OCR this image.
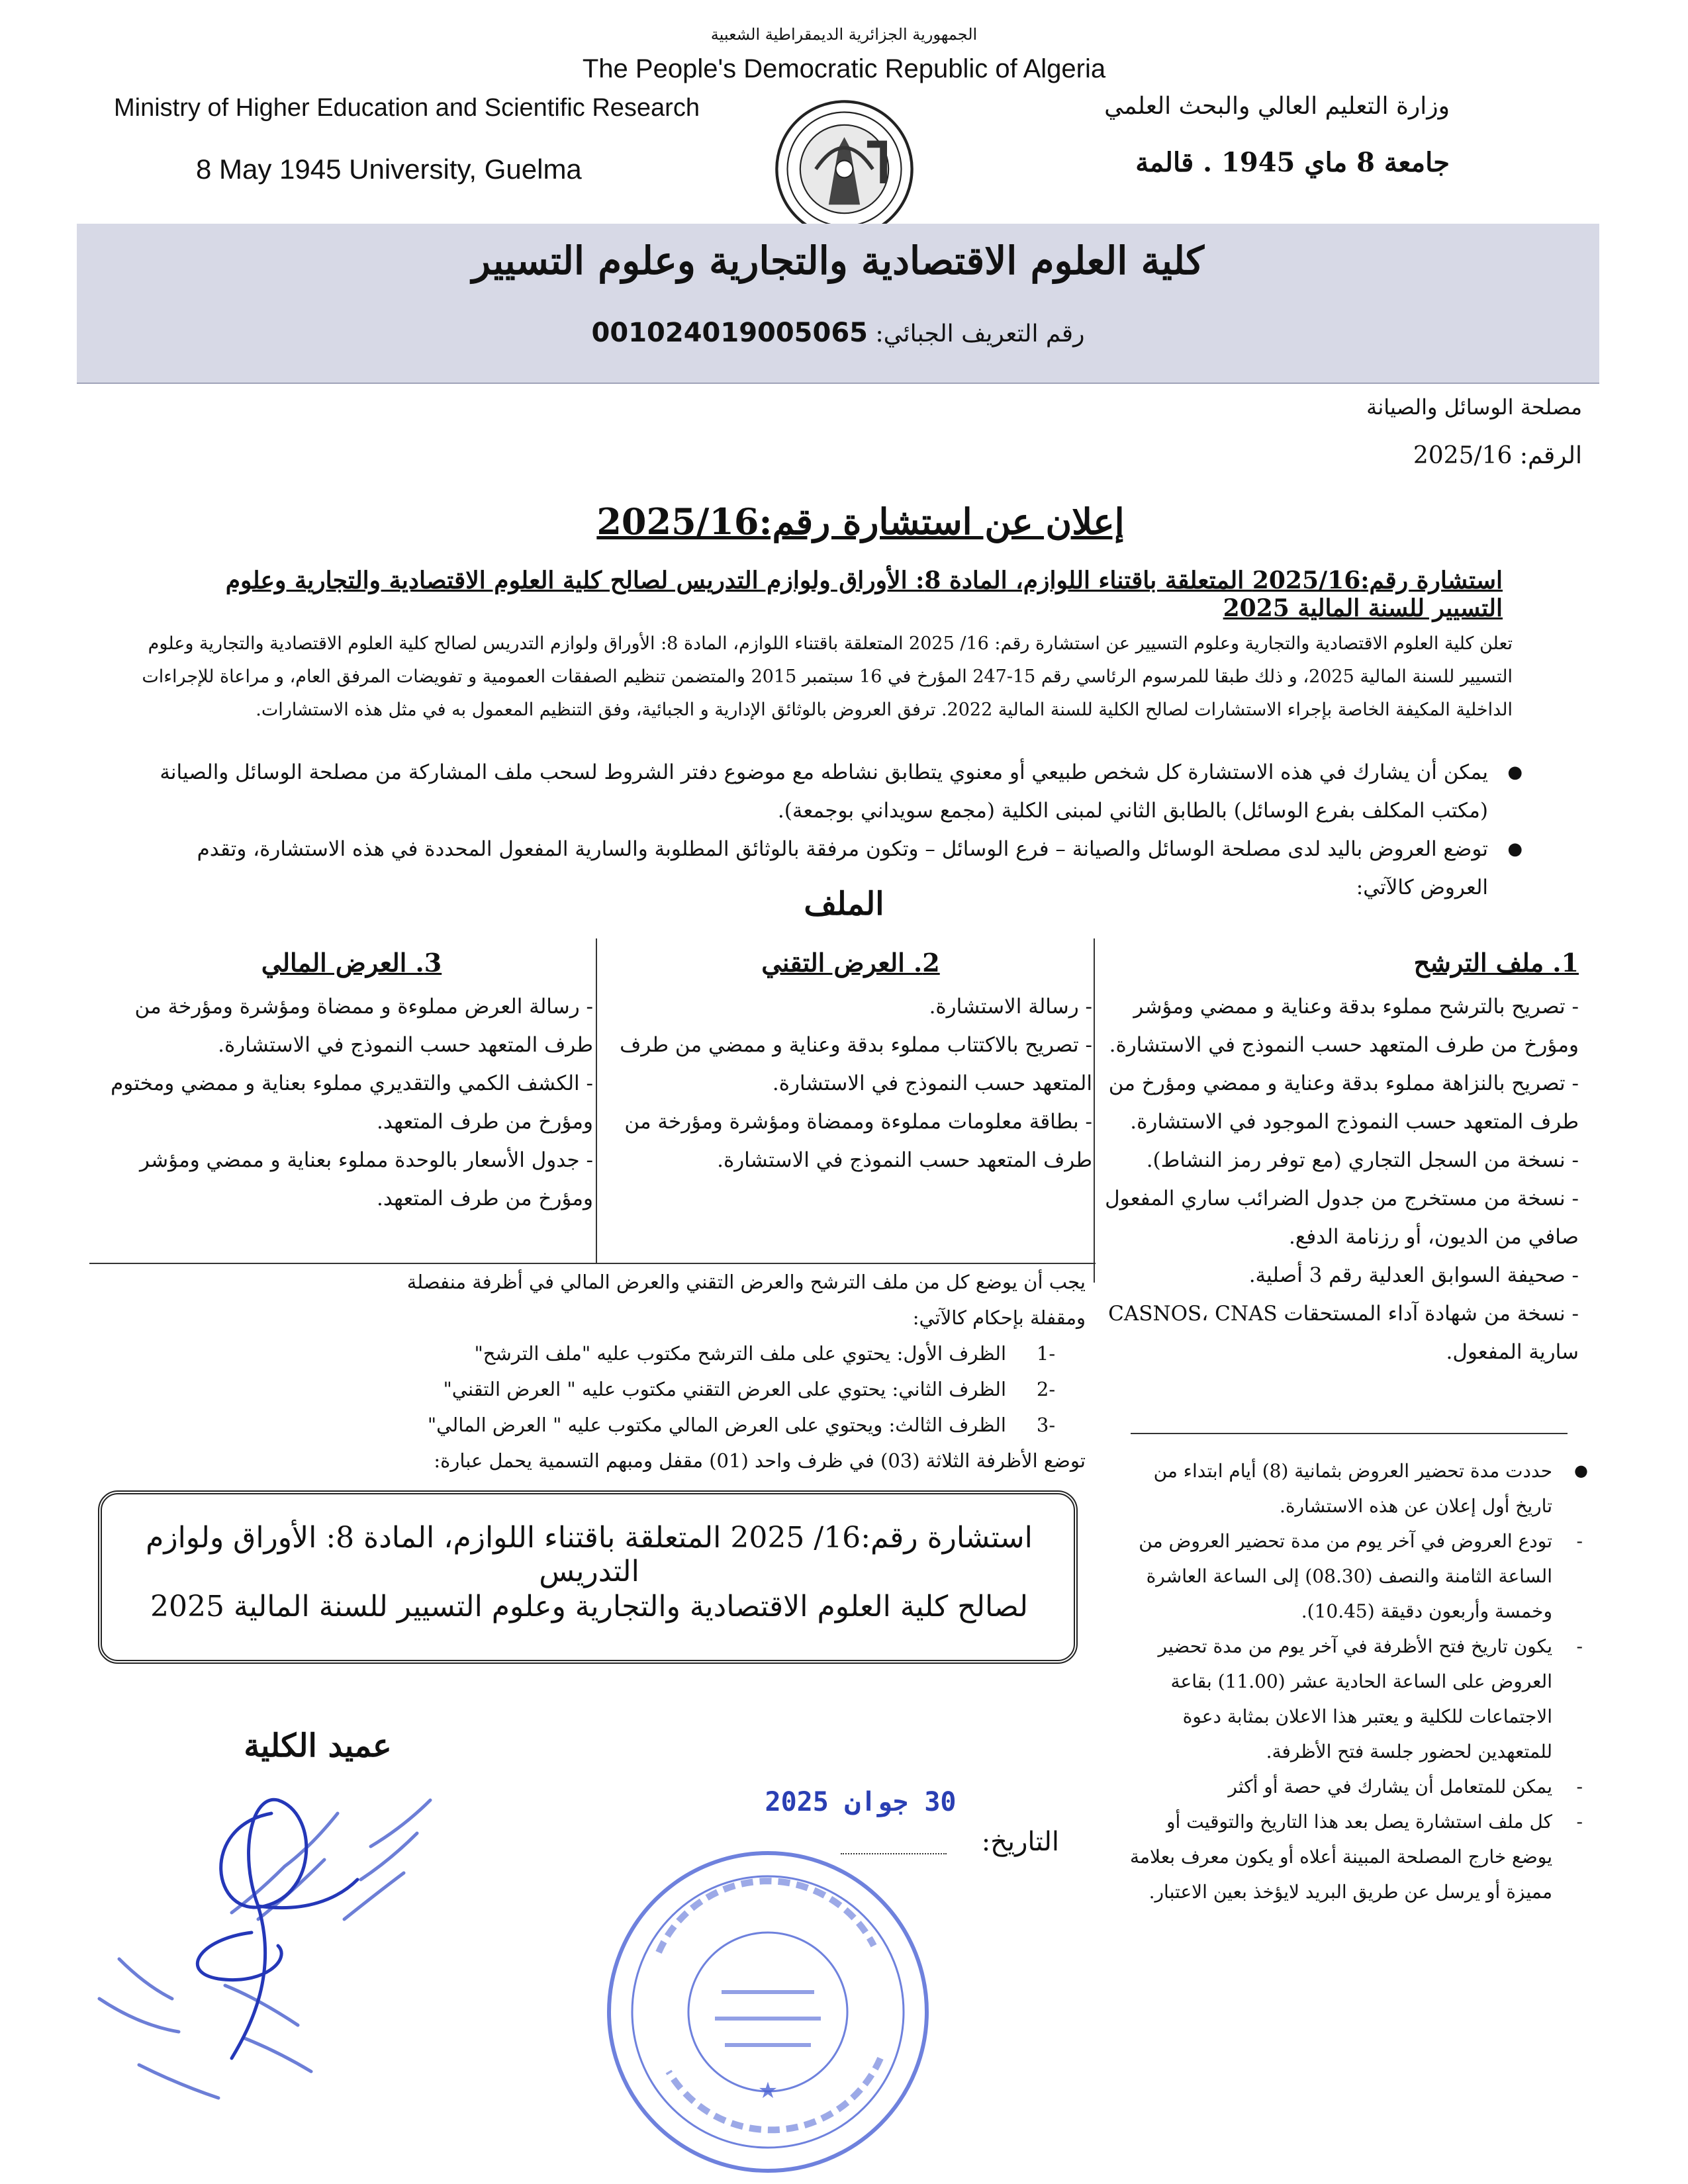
الجمهورية الجزائرية الديمقراطية الشعبية
The People's Democratic Republic of Algeria
Ministry of Higher Education and Scientific Research
8 May 1945 University, Guelma
وزارة التعليم العالي والبحث العلمي
جامعة 8 ماي 1945 . قالمة
كلية العلوم الاقتصادية والتجارية وعلوم التسيير
رقم التعريف الجبائي: 001024019005065
مصلحة الوسائل والصيانة
الرقم: 2025/16
إعلان عن استشارة رقم:2025/16
استشارة رقم:2025/16 المتعلقة باقتناء اللوازم، المادة 8: الأوراق ولوازم التدريس لصالح كلية العلوم الاقتصادية والتجارية وعلوم التسيير للسنة المالية 2025
تعلن كلية العلوم الاقتصادية والتجارية وعلوم التسيير عن استشارة رقم: 16/ 2025 المتعلقة باقتناء اللوازم، المادة 8: الأوراق ولوازم التدريس لصالح كلية العلوم الاقتصادية والتجارية وعلوم التسيير للسنة المالية 2025، و ذلك طبقا للمرسوم الرئاسي رقم 15-247 المؤرخ في 16 سبتمبر 2015 والمتضمن تنظيم الصفقات العمومية و تفويضات المرفق العام، و مراعاة للإجراءات الداخلية المكيفة الخاصة بإجراء الاستشارات لصالح الكلية للسنة المالية 2022. ترفق العروض بالوثائق الإدارية و الجبائية، وفق التنظيم المعمول به في مثل هذه الاستشارات.
● يمكن أن يشارك في هذه الاستشارة كل شخص طبيعي أو معنوي يتطابق نشاطه مع موضوع دفتر الشروط لسحب ملف المشاركة من مصلحة الوسائل والصيانة (مكتب المكلف بفرع الوسائل) بالطابق الثاني لمبنى الكلية (مجمع سويداني بوجمعة).
● توضع العروض باليد لدى مصلحة الوسائل والصيانة – فرع الوسائل – وتكون مرفقة بالوثائق المطلوبة والسارية المفعول المحددة في هذه الاستشارة، وتقدم العروض كالآتي:
الملف
1. ملف الترشح

- تصريح بالترشح مملوء بدقة وعناية و ممضي ومؤشر ومؤرخ من طرف المتعهد حسب النموذج في الاستشارة.

- تصريح بالنزاهة مملوء بدقة وعناية و ممضي ومؤرخ من طرف المتعهد حسب النموذج الموجود في الاستشارة.

- نسخة من السجل التجاري (مع توفر رمز النشاط).

- نسخة من مستخرج من جدول الضرائب ساري المفعول صافي من الديون، أو رزنامة الدفع.

- صحيفة السوابق العدلية رقم 3 أصلية.

- نسخة من شهادة آداء المستحقات CASNOS، CNAS سارية المفعول.

2. العرض التقني

- رسالة الاستشارة.

- تصريح بالاكتتاب مملوء بدقة وعناية و ممضي من طرف المتعهد حسب النموذج في الاستشارة.

- بطاقة معلومات مملوءة وممضاة ومؤشرة ومؤرخة من طرف المتعهد حسب النموذج في الاستشارة.

3. العرض المالي

- رسالة العرض مملوءة و ممضاة ومؤشرة ومؤرخة من طرف المتعهد حسب النموذج في الاستشارة.

- الكشف الكمي والتقديري مملوء بعناية و ممضي ومختوم ومؤرخ من طرف المتعهد.

- جدول الأسعار بالوحدة مملوء بعناية و ممضي ومؤشر ومؤرخ من طرف المتعهد.

يجب أن يوضع كل من ملف الترشح والعرض التقني والعرض المالي في أظرفة منفصلة ومقفلة بإحكام كالآتي:
-1
الظرف الأول: يحتوي على ملف الترشح مكتوب عليه "ملف الترشح"
-2
الظرف الثاني: يحتوي على العرض التقني مكتوب عليه " العرض التقني"
-3
الظرف الثالث: ويحتوي على العرض المالي مكتوب عليه " العرض المالي"
توضع الأظرفة الثلاثة (03) في ظرف واحد (01) مقفل ومبهم التسمية يحمل عبارة:
●	حددت مدة تحضير العروض بثمانية (8) أيام ابتداء من تاريخ أول إعلان عن هذه الاستشارة.
- تودع العروض في آخر يوم من مدة تحضير العروض من الساعة الثامنة والنصف (08.30) إلى الساعة العاشرة وخمسة وأربعون دقيقة (10.45).
- يكون تاريخ فتح الأظرفة في آخر يوم من مدة تحضير العروض على الساعة الحادية عشر (11.00) بقاعة الاجتماعات للكلية و يعتبر هذا الاعلان بمثابة دعوة للمتعهدين لحضور جلسة فتح الأظرفة.
- يمكن للمتعامل أن يشارك في حصة أو أكثر
- كل ملف استشارة يصل بعد هذا التاريخ والتوقيت أو يوضع خارج المصلحة المبينة أعلاه أو يكون معرف بعلامة مميزة أو يرسل عن طريق البريد لايؤخذ بعين الاعتبار.
استشارة رقم:16/ 2025 المتعلقة باقتناء اللوازم، المادة 8: الأوراق ولوازم التدريس
لصالح كلية العلوم الاقتصادية والتجارية وعلوم التسيير للسنة المالية 2025
عميد الكلية
30 جوان 2025
التاريخ:
★
